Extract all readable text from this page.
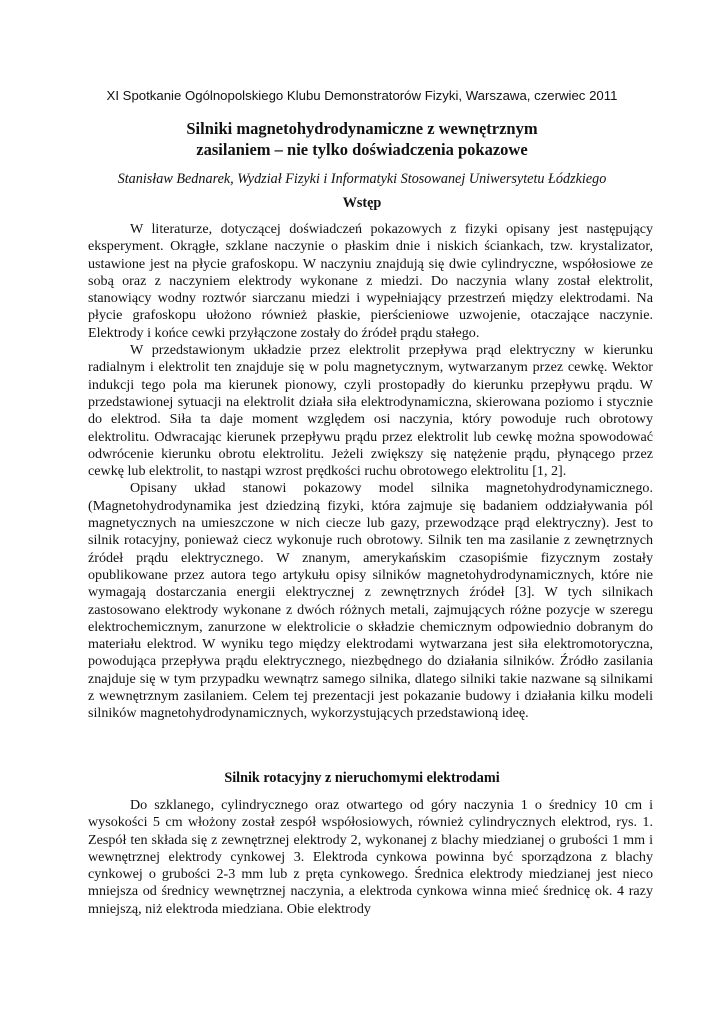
XI Spotkanie Ogólnopolskiego Klubu Demonstratorów Fizyki, Warszawa, czerwiec 2011
Silniki magnetohydrodynamiczne z wewnętrznym
zasilaniem – nie tylko doświadczenia pokazowe
Stanisław Bednarek, Wydział Fizyki i Informatyki Stosowanej Uniwersytetu Łódzkiego
Wstęp

W literaturze, dotyczącej doświadczeń pokazowych z fizyki opisany jest następujący eksperyment. Okrągłe, szklane naczynie o płaskim dnie i niskich ściankach, tzw. krystalizator, ustawione jest na płycie grafoskopu. W naczyniu znajdują się dwie cylindryczne, współosiowe ze sobą oraz z naczyniem elektrody wykonane z miedzi. Do naczynia wlany został elektrolit, stanowiący wodny roztwór siarczanu miedzi i wypełniający przestrzeń między elektrodami. Na płycie grafoskopu ułożono również płaskie, pierścieniowe uzwojenie, otaczające naczynie. Elektrody i końce cewki przyłączone zostały do źródeł prądu stałego.

W przedstawionym układzie przez elektrolit przepływa prąd elektryczny w kierunku radialnym i elektrolit ten znajduje się w polu magnetycznym, wytwarzanym przez cewkę. Wektor indukcji tego pola ma kierunek pionowy, czyli prostopadły do kierunku przepływu prądu. W przedstawionej sytuacji na elektrolit działa siła elektrodynamiczna, skierowana poziomo i stycznie do elektrod. Siła ta daje moment względem osi naczynia, który powoduje ruch obrotowy elektrolitu. Odwracając kierunek przepływu prądu przez elektrolit lub cewkę można spowodować odwrócenie kierunku obrotu elektrolitu. Jeżeli zwiększy się natężenie prądu, płynącego przez cewkę lub elektrolit, to nastąpi wzrost prędkości ruchu obrotowego elektrolitu [1, 2].

Opisany układ stanowi pokazowy model silnika magnetohydrodynamicznego. (Magnetohydrodynamika jest dziedziną fizyki, która zajmuje się badaniem oddziaływania pól magnetycznych na umieszczone w nich ciecze lub gazy, przewodzące prąd elektryczny). Jest to silnik rotacyjny, ponieważ ciecz wykonuje ruch obrotowy. Silnik ten ma zasilanie z zewnętrznych źródeł prądu elektrycznego. W znanym, amerykańskim czasopiśmie fizycznym zostały opublikowane przez autora tego artykułu opisy silników magnetohydrodynamicznych, które nie wymagają dostarczania energii elektrycznej z zewnętrznych źródeł [3]. W tych silnikach zastosowano elektrody wykonane z dwóch różnych metali, zajmujących różne pozycje w szeregu elektrochemicznym, zanurzone w elektrolicie o składzie chemicznym odpowiednio dobranym do materiału elektrod. W wyniku tego między elektrodami wytwarzana jest siła elektromotoryczna, powodująca przepływa prądu elektrycznego, niezbędnego do działania silników. Źródło zasilania znajduje się w tym przypadku wewnątrz samego silnika, dlatego silniki takie nazwane są silnikami z wewnętrznym zasilaniem. Celem tej prezentacji jest pokazanie budowy i działania kilku modeli silników magnetohydrodynamicznych, wykorzystujących przedstawioną ideę.

Silnik rotacyjny z nieruchomymi elektrodami

Do szklanego, cylindrycznego oraz otwartego od góry naczynia 1 o średnicy 10 cm i wysokości 5 cm włożony został zespół współosiowych, również cylindrycznych elektrod, rys. 1. Zespół ten składa się z zewnętrznej elektrody 2, wykonanej z blachy miedzianej o grubości 1 mm i wewnętrznej elektrody cynkowej 3. Elektroda cynkowa powinna być sporządzona z blachy cynkowej o grubości 2-3 mm lub z pręta cynkowego. Średnica elektrody miedzianej jest nieco mniejsza od średnicy wewnętrznej naczynia, a elektroda cynkowa winna mieć średnicę ok. 4 razy mniejszą, niż elektroda miedziana. Obie elektrody
